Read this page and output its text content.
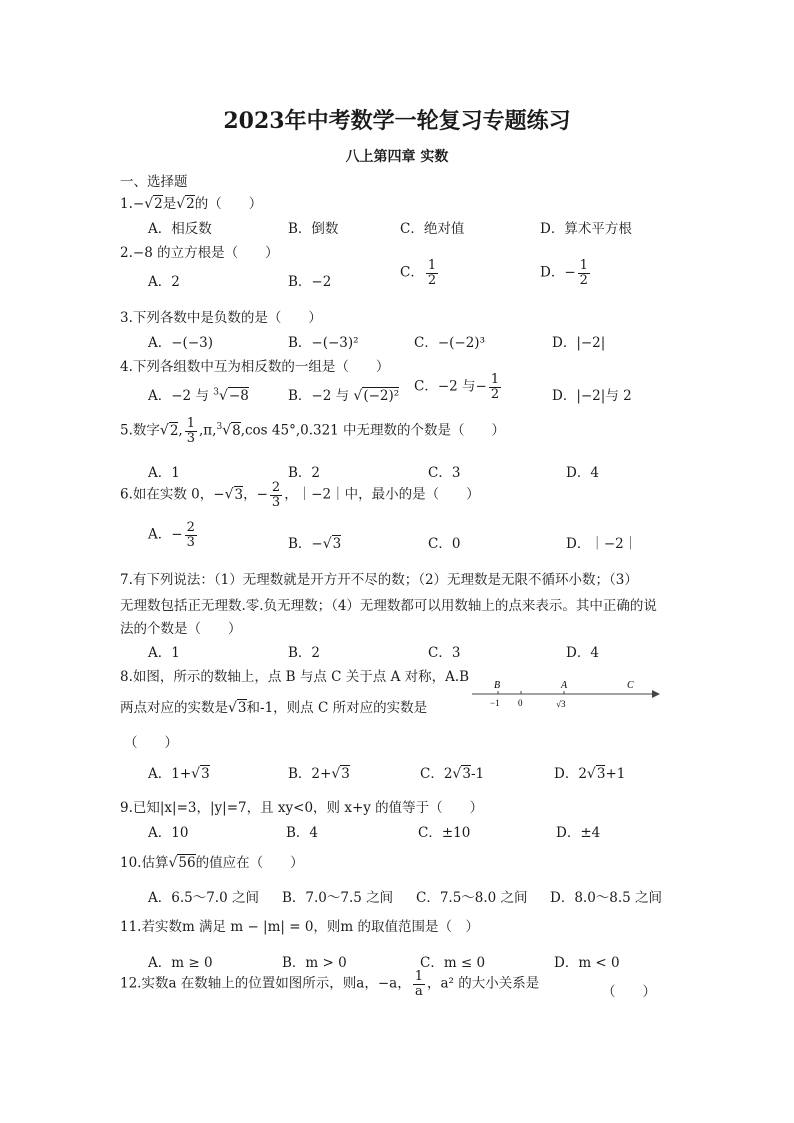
2023年中考数学一轮复习专题练习
八上第四章 实数
一、选择题
1.−√2是√2的（　　）
A．相反数	B．倒数	C．绝对值	D．算术平方根
2.−8 的立方根是（　　）
A．2	B．−2
C． $\frac{1}{2}$	D．− $\frac{1}{2}$
3.下列各数中是负数的是（　　）
A．−(−3)	B．−(−3)²	C．−(−2)³	D．|−2|
4.下列各组数中互为相反数的一组是（　　）
A．−2 与 $^3$√−8	B．−2 与 √(−2)²
C．−2 与− $\frac{1}{2}$	D．|−2|与 2
5.数字√2, $\frac{1}{3} ,\pi,^3√8,\cos$ 45°,0.321 中无理数的个数是（　　）
A．1	B．2	C．3	D．4
6.如在实数 0，−√3，− $\frac{2}{3}$ ，｜−2｜中，最小的是（　　）
A．− $\frac{2}{3}$	B．−√3	C．0	D．｜−2｜
7.有下列说法：（1）无理数就是开方开不尽的数；（2）无理数是无限不循环小数；（3）
无理数包括正无理数.零.负无理数；（4）无理数都可以用数轴上的点来表示。其中正确的说
法的个数是（　　）
A．1	B．2	C．3	D．4
8.如图，所示的数轴上，点 B 与点 C 关于点 A 对称，A.B
两点对应的实数是√3和-1，则点 C 所对应的实数是
（　　）
B	A	C
−1 0	√3
A．1+√3	B．2+√3	C．2√3-1	D．2√3+1
9.已知|x|=3，|y|=7，且 xy<0，则 x+y 的值等于（　　）
A．10	B．4	C．±10	D．±4
10.估算√56的值应在（　　）
A．6.5～7.0 之间 B．7.0～7.5 之间 C．7.5～8.0 之间 D．8.0～8.5 之间
11.若实数m 满足 m − |m| = 0，则m 的取值范围是（　）
A．m ≥ 0	B．m > 0	C．m ≤ 0	D．m < 0
12.实数a 在数轴上的位置如图所示，则a，−a， $\frac{1}{a}$ ，a² 的大小关系是
（　　）
